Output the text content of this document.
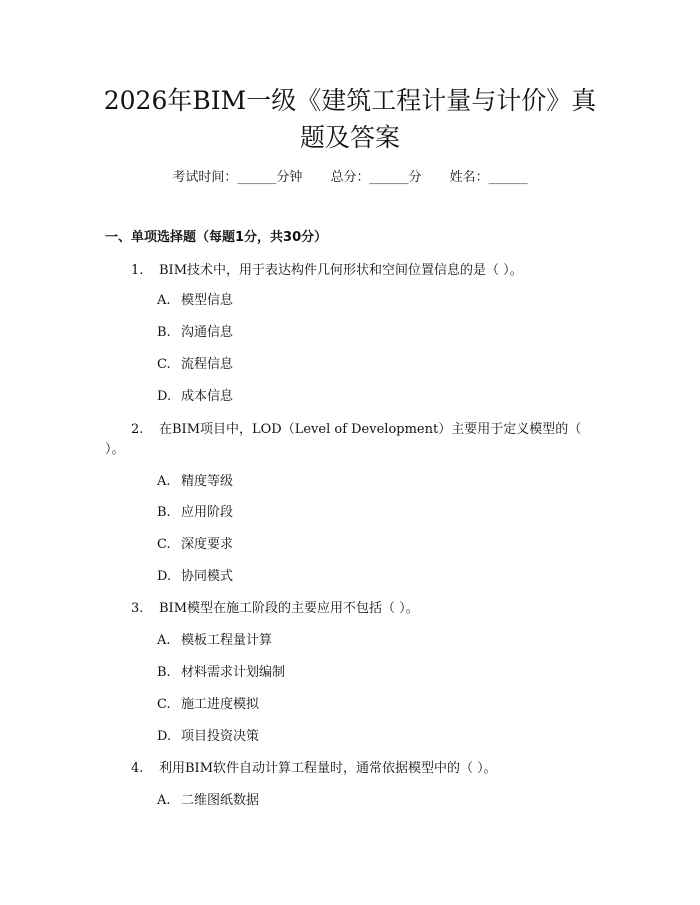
2026年BIM一级《建筑工程计量与计价》真题及答案
考试时间：______分钟 总分：______分 姓名：______
一、单项选择题（每题1分，共30分）
1. BIM技术中，用于表达构件几何形状和空间位置信息的是（ ）。
A. 模型信息
B. 沟通信息
C. 流程信息
D. 成本信息
2. 在BIM项目中，LOD（Level of Development）主要用于定义模型的（ ）。
A. 精度等级
B. 应用阶段
C. 深度要求
D. 协同模式
3. BIM模型在施工阶段的主要应用不包括（ ）。
A. 模板工程量计算
B. 材料需求计划编制
C. 施工进度模拟
D. 项目投资决策
4. 利用BIM软件自动计算工程量时，通常依据模型中的（ ）。
A. 二维图纸数据
